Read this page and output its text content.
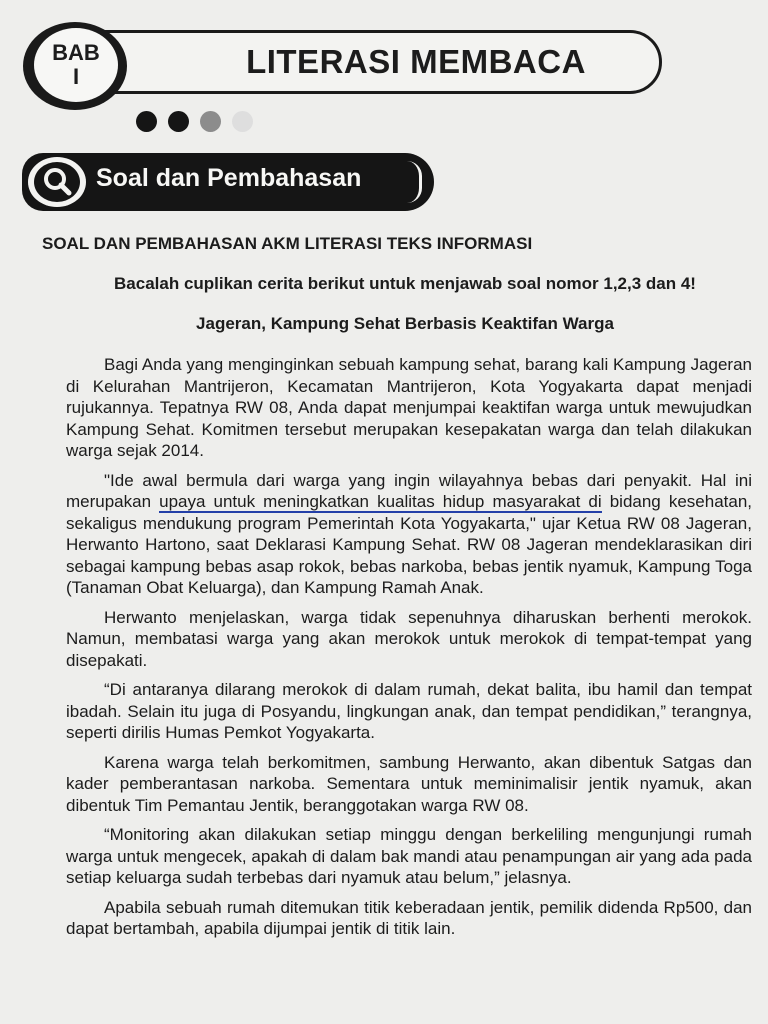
LITERASI MEMBACA
BAB
I
Soal dan Pembahasan
SOAL DAN PEMBAHASAN AKM LITERASI TEKS INFORMASI
Bacalah cuplikan cerita berikut untuk menjawab soal nomor 1,2,3 dan 4!
Jageran, Kampung Sehat Berbasis Keaktifan Warga

Bagi Anda yang menginginkan sebuah kampung sehat, barang kali Kampung Jageran di Kelurahan Mantrijeron, Kecamatan Mantrijeron, Kota Yogyakarta dapat menjadi rujukannya. Tepatnya RW 08, Anda dapat menjumpai keaktifan warga untuk mewujudkan Kampung Sehat. Komitmen tersebut merupakan kesepakatan warga dan telah dilakukan warga sejak 2014.

"Ide awal bermula dari warga yang ingin wilayahnya bebas dari penyakit. Hal ini merupakan upaya untuk meningkatkan kualitas hidup masyarakat di bidang kesehatan, sekaligus mendukung program Pemerintah Kota Yogyakarta," ujar Ketua RW 08 Jageran, Herwanto Hartono, saat Deklarasi Kampung Sehat. RW 08 Jageran mendeklarasikan diri sebagai kampung bebas asap rokok, bebas narkoba, bebas jentik nyamuk, Kampung Toga (Tanaman Obat Keluarga), dan Kampung Ramah Anak.

Herwanto menjelaskan, warga tidak sepenuhnya diharuskan berhenti merokok. Namun, membatasi warga yang akan merokok untuk merokok di tempat-tempat yang disepakati.

“Di antaranya dilarang merokok di dalam rumah, dekat balita, ibu hamil dan tempat ibadah. Selain itu juga di Posyandu, lingkungan anak, dan tempat pendidikan,” terangnya, seperti dirilis Humas Pemkot Yogyakarta.

Karena warga telah berkomitmen, sambung Herwanto, akan dibentuk Satgas dan kader pemberantasan narkoba. Sementara untuk meminimalisir jentik nyamuk, akan dibentuk Tim Pemantau Jentik, beranggotakan warga RW 08.

“Monitoring akan dilakukan setiap minggu dengan berkeliling mengunjungi rumah warga untuk mengecek, apakah di dalam bak mandi atau penampungan air yang ada pada setiap keluarga sudah terbebas dari nyamuk atau belum,” jelasnya.

Apabila sebuah rumah ditemukan titik keberadaan jentik, pemilik didenda Rp500, dan dapat bertambah, apabila dijumpai jentik di titik lain.
